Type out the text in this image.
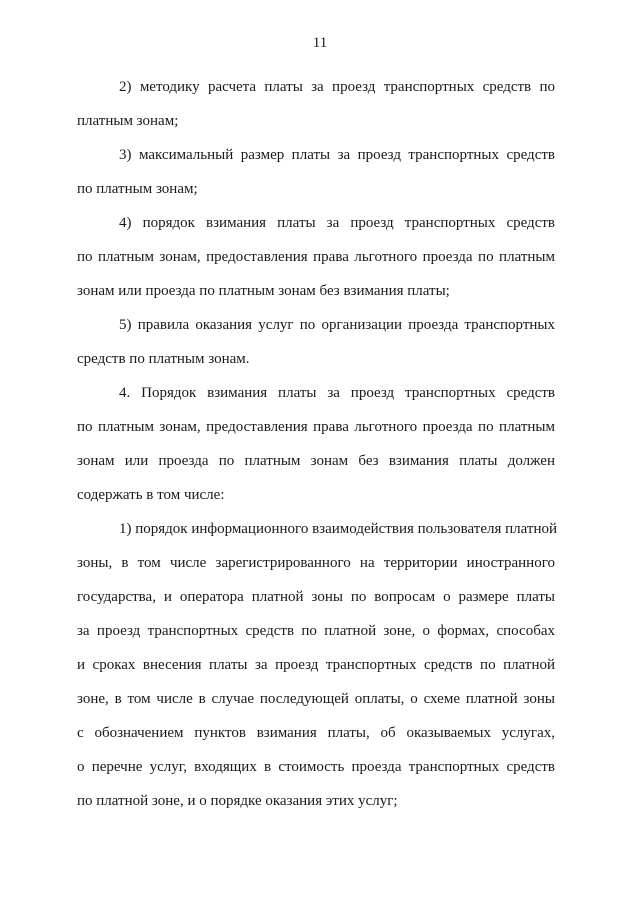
11
2) методику расчета платы за проезд транспортных средств по
платным зонам;
3) максимальный размер платы за проезд транспортных средств
по платным зонам;
4) порядок взимания платы за проезд транспортных средств
по платным зонам, предоставления права льготного проезда по платным
зонам или проезда по платным зонам без взимания платы;
5) правила оказания услуг по организации проезда транспортных
средств по платным зонам.
4. Порядок взимания платы за проезд транспортных средств
по платным зонам, предоставления права льготного проезда по платным
зонам или проезда по платным зонам без взимания платы должен
содержать в том числе:
1) порядок информационного взаимодействия пользователя платной
зоны, в том числе зарегистрированного на территории иностранного
государства, и оператора платной зоны по вопросам о размере платы
за проезд транспортных средств по платной зоне, о формах, способах
и сроках внесения платы за проезд транспортных средств по платной
зоне, в том числе в случае последующей оплаты, о схеме платной зоны
с обозначением пунктов взимания платы, об оказываемых услугах,
о перечне услуг, входящих в стоимость проезда транспортных средств
по платной зоне, и о порядке оказания этих услуг;
